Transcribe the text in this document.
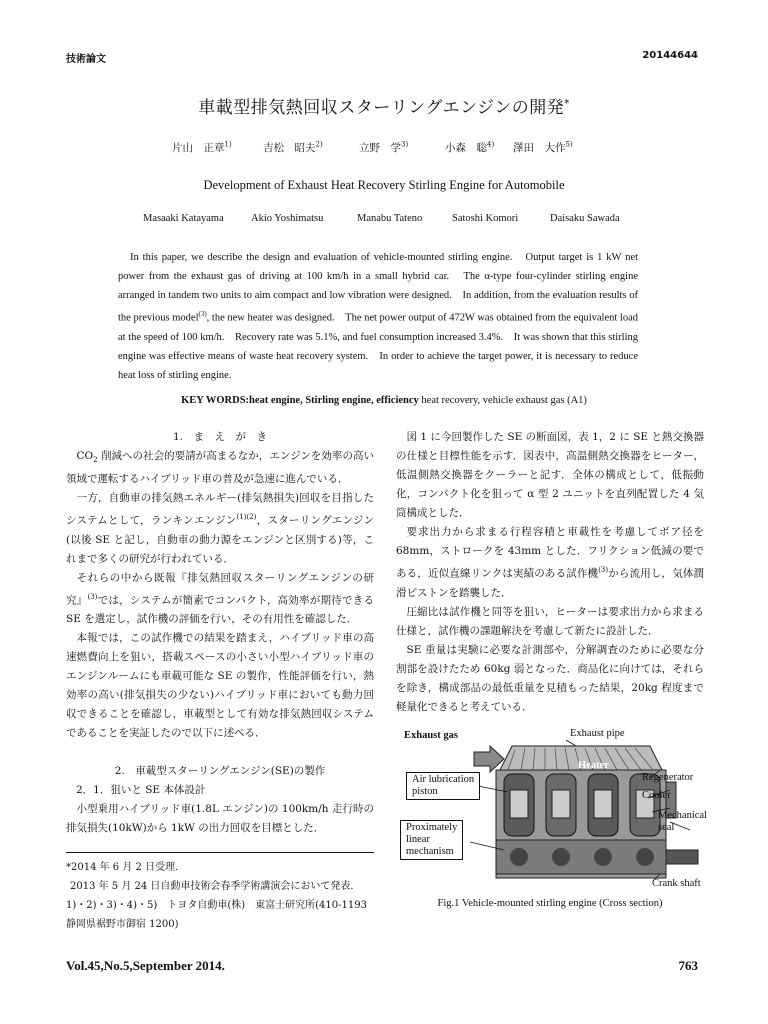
技術論文	20144644
車載型排気熱回収スターリングエンジンの開発*
片山　正章$^{1)}$	吉松　昭夫$^{2)}$	立野　学$^{3)}$	小森　聡$^{4)}$ 澤田　大作$^{5)}$
Development of Exhaust Heat Recovery Stirling Engine for Automobile
Masaaki Katayama	Akio Yoshimatsu	Manabu Tateno	Satoshi Komori	Daisaku Sawada
In this paper, we describe the design and evaluation of vehicle-mounted stirling engine.　Output target is 1 kW net power from the exhaust gas of driving at 100 km/h in a small hybrid car.　The α-type four-cylinder stirling engine arranged in tandem two units to aim compact and low vibration were designed.　In addition, from the evaluation results of the previous model$^{(3)}$, the new heater was designed.　The net power output of 472W was obtained from the equivalent load at the speed of 100 km/h.　Recovery rate was 5.1%, and fuel consumption increased 3.4%.　It was shown that this stirling engine was effective means of waste heat recovery system.　In order to achieve the target power, it is necessary to reduce heat loss of stirling engine.
KEY WORDS:heat engine, Stirling engine, efficiency heat recovery, vehicle exhaust gas (A1)
1.　ま　え　が　き

$CO_2$ 削減への社会的要請が高まるなか，エンジンを効率の高い領域で運転するハイブリッド車の普及が急速に進んでいる．

一方，自動車の排気熱エネルギー(排気熱損失)回収を目指したシステムとして，ランキンエンジン$^{(1)(2)}$，スターリングエンジン(以後 SE と記し，自動車の動力源をエンジンと区別する)等，これまで多くの研究が行われている．

それらの中から既報『排気熱回収スターリングエンジンの研究』$^{(3)}$では，システムが簡素でコンパクト，高効率が期待できる SE を選定し，試作機の評価を行い，その有用性を確認した．

本報では，この試作機での結果を踏まえ，ハイブリッド車の高速燃費向上を狙い，搭載スペースの小さい小型ハイブリッド車のエンジンルームにも車載可能な SE の製作，性能評価を行い，熱効率の高い(排気損失の少ない)ハイブリッド車においても動力回収できることを確認し，車載型として有効な排気熱回収システムであることを実証したので以下に述べる．

2.　車載型スターリングエンジン(SE)の製作
2．1．狙いと SE 本体設計

小型乗用ハイブリッド車(1.8L エンジン)の 100km/h 走行時の排気損失(10kW)から 1kW の出力回収を目標とした．

図 1 に今回製作した SE の断面図，表 1，2 に SE と熱交換器の仕様と目標性能を示す．図表中，高温側熱交換器をヒーター，低温側熱交換器をクーラーと記す．全体の構成として，低振動化，コンパクト化を狙って α 型 2 ユニットを直列配置した 4 気筒構成とした．

要求出力から求まる行程容積と車載性を考慮してボア径を 68mm，ストロークを 43mm とした．フリクション低減の要である，近似直線リンクは実績のある試作機$^{(3)}$から流用し，気体潤滑ピストンを踏襲した．

圧縮比は試作機と同等を狙い，ヒーターは要求出力から求まる仕様と，試作機の課題解決を考慮して新たに設計した．

SE 重量は実験に必要な計測部や，分解調査のために必要な分割部を設けたため 60kg 弱となった．商品化に向けては，それらを除き，構成部品の最低重量を見積もった結果，20kg 程度まで軽量化できると考えている．

Exhaust pipe
Exhaust gas
Heater
Air lubrication
piston
Regenerator
Cooler
Mechanical
seal
Proximately
linear
mechanism
Crank shaft
Fig.1 Vehicle-mounted stirling engine (Cross section)
*2014 年 6 月 2 日受理．
2013 年 5 月 24 日自動車技術会春季学術講演会において発表．
1)・2)・3)・4)・5)　トヨタ自動車(株)　東富士研究所(410-1193
静岡県裾野市御宿 1200)
Vol.45,No.5,September 2014.	763
